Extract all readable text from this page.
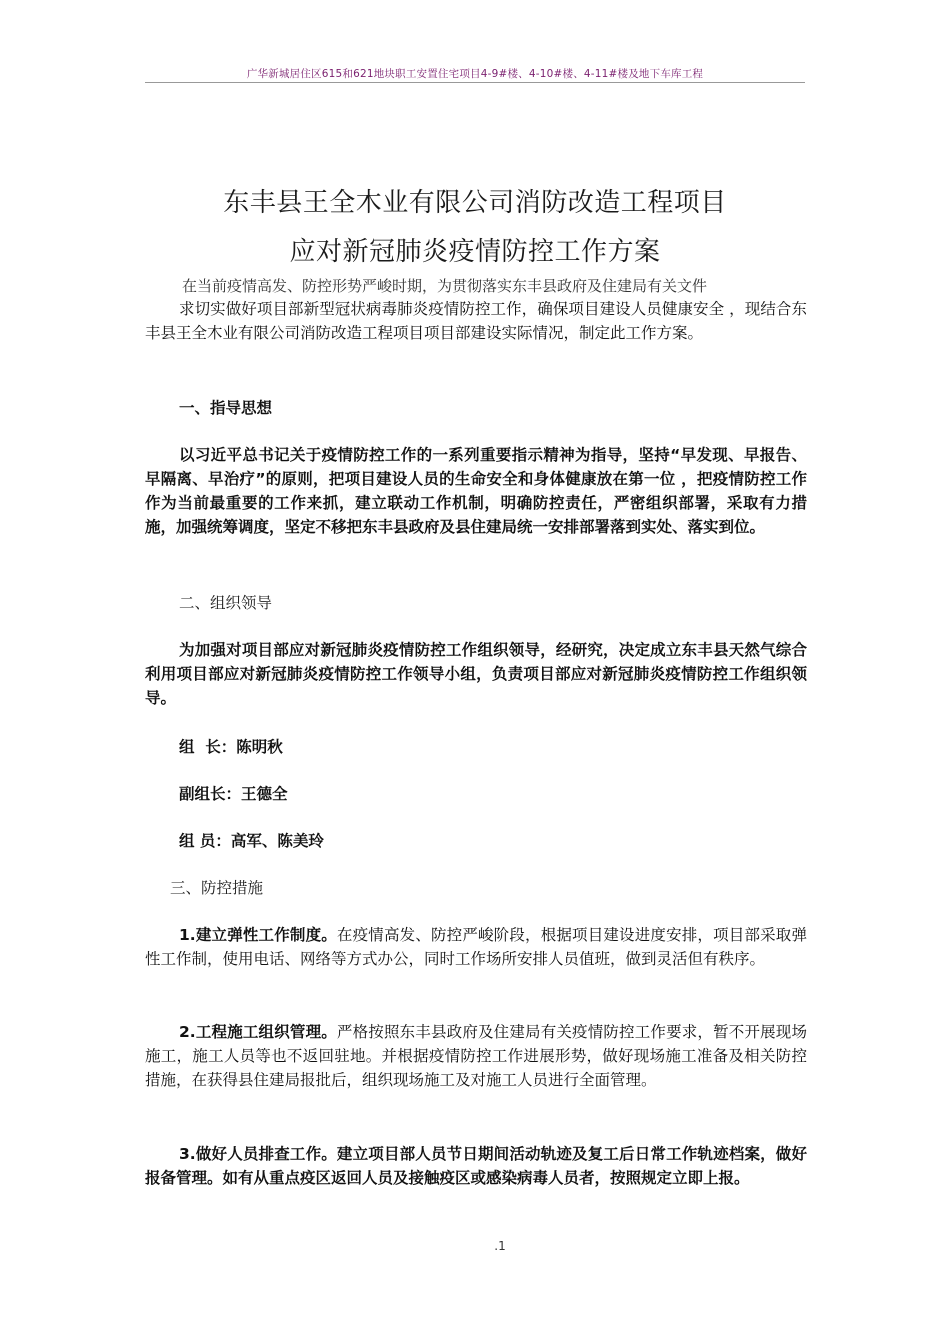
广华新城居住区615和621地块职工安置住宅项目4-9#楼、4-10#楼、4-11#楼及地下车库工程
东丰县王全木业有限公司消防改造工程项目
应对新冠肺炎疫情防控工作方案
在当前疫情高发、防控形势严峻时期，为贯彻落实东丰县政府及住建局有关文件
求切实做好项目部新型冠状病毒肺炎疫情防控工作，确保项目建设人员健康安全 ，现结合东丰县王全木业有限公司消防改造工程项目项目部建设实际情况，制定此工作方案。
一、指导思想
以习近平总书记关于疫情防控工作的一系列重要指示精神为指导，坚持“早发现、早报告、早隔离、早治疗”的原则，把项目建设人员的生命安全和身体健康放在第一位 ，把疫情防控工作作为当前最重要的工作来抓，建立联动工作机制，明确防控责任，严密组织部署，采取有力措施，加强统筹调度，坚定不移把东丰县政府及县住建局统一安排部署落到实处、落实到位。
二、组织领导
为加强对项目部应对新冠肺炎疫情防控工作组织领导，经研究，决定成立东丰县天然气综合利用项目部应对新冠肺炎疫情防控工作领导小组，负责项目部应对新冠肺炎疫情防控工作组织领导。
组  长：陈明秋
副组长：王德全
组 员：高军、陈美玲
三、防控措施
1.建立弹性工作制度。在疫情高发、防控严峻阶段，根据项目建设进度安排，项目部采取弹性工作制，使用电话、网络等方式办公，同时工作场所安排人员值班，做到灵活但有秩序。
2.工程施工组织管理。严格按照东丰县政府及住建局有关疫情防控工作要求，暂不开展现场施工，施工人员等也不返回驻地。并根据疫情防控工作进展形势，做好现场施工准备及相关防控措施，在获得县住建局报批后，组织现场施工及对施工人员进行全面管理。
3.做好人员排查工作。建立项目部人员节日期间活动轨迹及复工后日常工作轨迹档案，做好报备管理。如有从重点疫区返回人员及接触疫区或感染病毒人员者，按照规定立即上报。
.1
